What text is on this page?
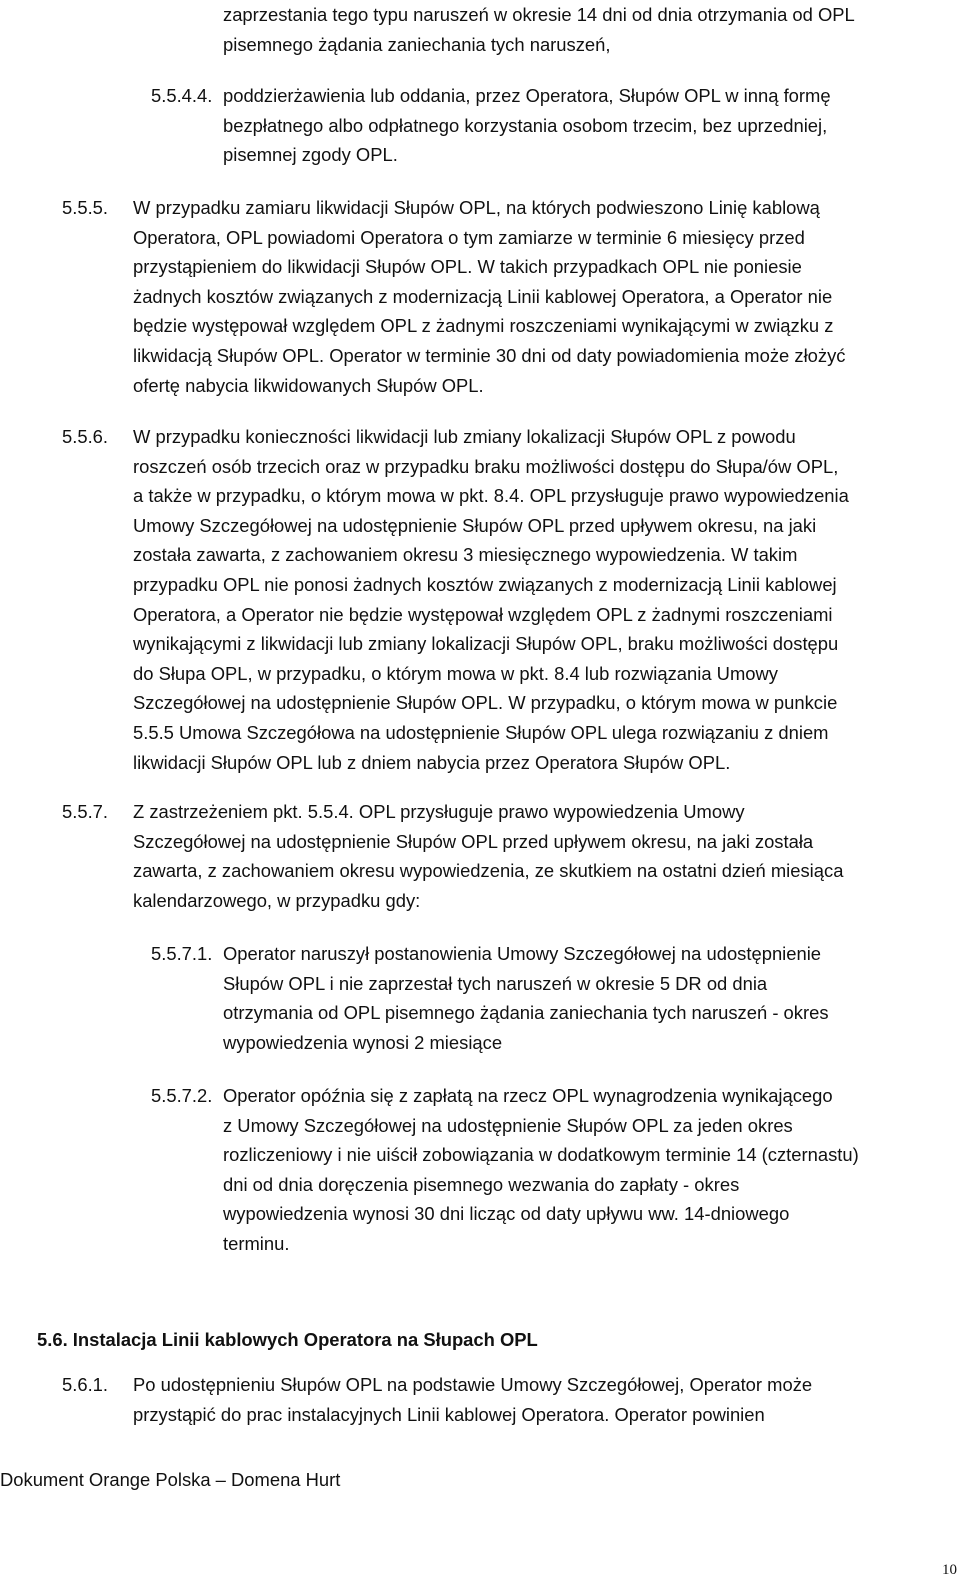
zaprzestania tego typu naruszeń w okresie 14 dni od dnia otrzymania od OPL
pisemnego żądania zaniechania tych naruszeń,
5.5.4.4. poddzierżawienia lub oddania, przez Operatora, Słupów OPL w inną formę
bezpłatnego albo odpłatnego korzystania osobom trzecim, bez uprzedniej,
pisemnej zgody OPL.
5.5.5. W przypadku zamiaru likwidacji Słupów OPL, na których podwieszono Linię kablową
Operatora, OPL powiadomi Operatora o tym zamiarze w terminie 6 miesięcy przed
przystąpieniem do likwidacji Słupów OPL. W takich przypadkach OPL nie poniesie
żadnych kosztów związanych z modernizacją Linii kablowej Operatora, a Operator nie
będzie występował względem OPL z żadnymi roszczeniami wynikającymi w związku z
likwidacją Słupów OPL. Operator w terminie 30 dni od daty powiadomienia może złożyć
ofertę nabycia likwidowanych Słupów OPL.
5.5.6. W przypadku konieczności likwidacji lub zmiany lokalizacji Słupów OPL z powodu
roszczeń osób trzecich oraz w przypadku braku możliwości dostępu do Słupa/ów OPL,
a także w przypadku, o którym mowa w pkt. 8.4. OPL przysługuje prawo wypowiedzenia
Umowy Szczegółowej na udostępnienie Słupów OPL przed upływem okresu, na jaki
została zawarta, z zachowaniem okresu 3 miesięcznego wypowiedzenia. W takim
przypadku OPL nie ponosi żadnych kosztów związanych z modernizacją Linii kablowej
Operatora, a Operator nie będzie występował względem OPL z żadnymi roszczeniami
wynikającymi z likwidacji lub zmiany lokalizacji Słupów OPL, braku możliwości dostępu
do Słupa OPL, w przypadku, o którym mowa w pkt. 8.4 lub rozwiązania Umowy
Szczegółowej na udostępnienie Słupów OPL. W przypadku, o którym mowa w punkcie
5.5.5 Umowa Szczegółowa na udostępnienie Słupów OPL ulega rozwiązaniu z dniem
likwidacji Słupów OPL lub z dniem nabycia przez Operatora Słupów OPL.
5.5.7. Z zastrzeżeniem pkt. 5.5.4. OPL przysługuje prawo wypowiedzenia Umowy
Szczegółowej na udostępnienie Słupów OPL przed upływem okresu, na jaki została
zawarta, z zachowaniem okresu wypowiedzenia, ze skutkiem na ostatni dzień miesiąca
kalendarzowego, w przypadku gdy:
5.5.7.1. Operator naruszył postanowienia Umowy Szczegółowej na udostępnienie
Słupów OPL i nie zaprzestał tych naruszeń w okresie 5 DR od dnia
otrzymania od OPL pisemnego żądania zaniechania tych naruszeń - okres
wypowiedzenia wynosi 2 miesiące
5.5.7.2. Operator opóźnia się z zapłatą na rzecz OPL wynagrodzenia wynikającego
z Umowy Szczegółowej na udostępnienie Słupów OPL za jeden okres
rozliczeniowy i nie uiścił zobowiązania w dodatkowym terminie 14 (czternastu)
dni od dnia doręczenia pisemnego wezwania do zapłaty - okres
wypowiedzenia wynosi 30 dni licząc od daty upływu ww. 14-dniowego
terminu.
5.6. Instalacja Linii kablowych Operatora na Słupach OPL
5.6.1. Po udostępnieniu Słupów OPL na podstawie Umowy Szczegółowej, Operator może
przystąpić do prac instalacyjnych Linii kablowej Operatora. Operator powinien
Dokument Orange Polska – Domena Hurt
10
